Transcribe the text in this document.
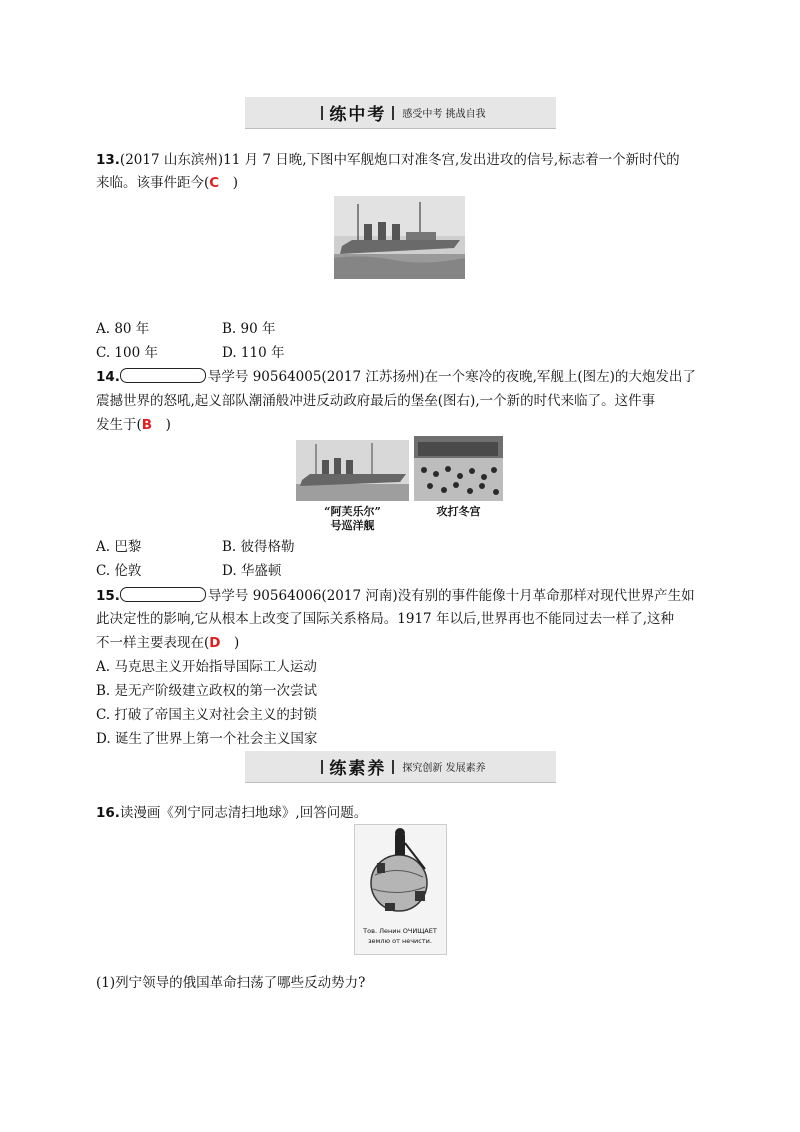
练中考 感受中考 挑战自我
13.(2017 山东滨州)11 月 7 日晚,下图中军舰炮口对准冬宫,发出进攻的信号,标志着一个新时代的
来临。该事件距今(C　)
A. 80 年	B. 90 年
C. 100 年	D. 110 年
14.	导学号 90564005(2017 江苏扬州)在一个寒冷的夜晚,军舰上(图左)的大炮发出了
震撼世界的怒吼,起义部队潮涌般冲进反动政府最后的堡垒(图右),一个新的时代来临了。这件事
发生于(B　)
“阿芙乐尔”
号巡洋舰
攻打冬宫
A. 巴黎	B. 彼得格勒
C. 伦敦	D. 华盛顿
15.	导学号 90564006(2017 河南)没有别的事件能像十月革命那样对现代世界产生如
此决定性的影响,它从根本上改变了国际关系格局。1917 年以后,世界再也不能同过去一样了,这种
不一样主要表现在(D　)
A. 马克思主义开始指导国际工人运动
B. 是无产阶级建立政权的第一次尝试
C. 打破了帝国主义对社会主义的封锁
D. 诞生了世界上第一个社会主义国家
练素养 探究创新 发展素养
16.读漫画《列宁同志清扫地球》,回答问题。
Тов. Ленин ОЧИЩАЕТ
землю от нечисти.
(1)列宁领导的俄国革命扫荡了哪些反动势力?
